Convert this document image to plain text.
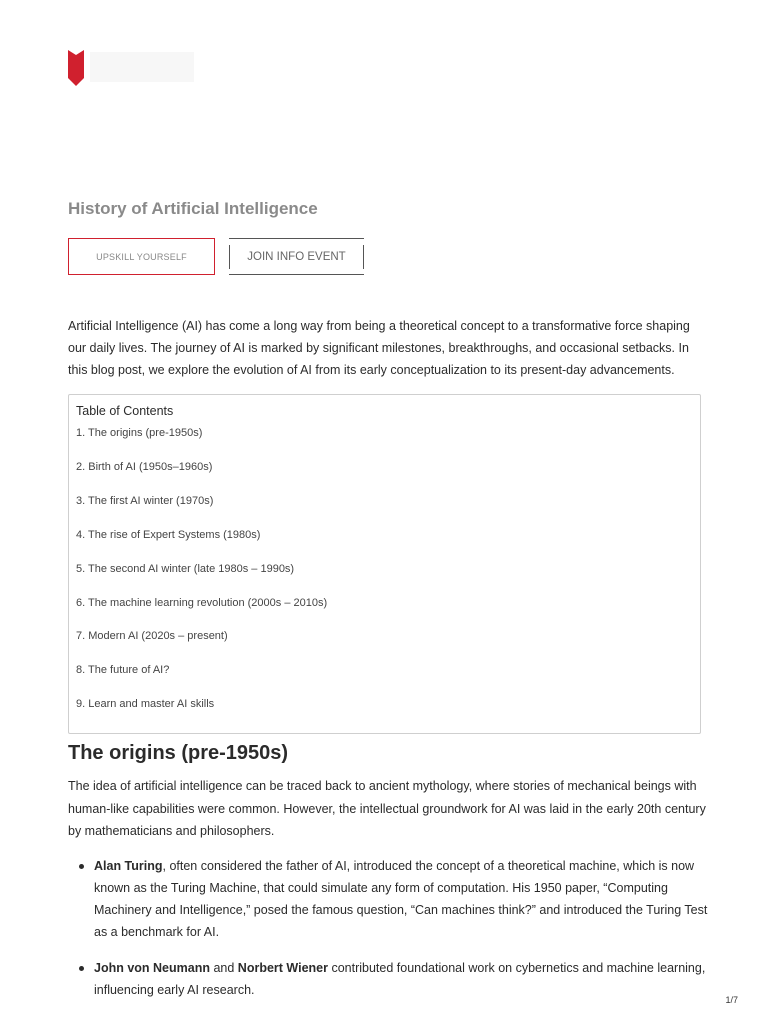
History of Artificial Intelligence
UPSKILL YOURSELF	JOIN INFO EVENT

Artificial Intelligence (AI) has come a long way from being a theoretical concept to a transformative force shaping our daily lives. The journey of AI is marked by significant milestones, breakthroughs, and occasional setbacks. In this blog post, we explore the evolution of AI from its early conceptualization to its present-day advancements.

Table of Contents
1. The origins (pre-1950s)
2. Birth of AI (1950s–1960s)
3. The first AI winter (1970s)
4. The rise of Expert Systems (1980s)
5. The second AI winter (late 1980s – 1990s)
6. The machine learning revolution (2000s – 2010s)
7. Modern AI (2020s – present)
8. The future of AI?
9. Learn and master AI skills
The origins (pre-1950s)

The idea of artificial intelligence can be traced back to ancient mythology, where stories of mechanical beings with human-like capabilities were common. However, the intellectual groundwork for AI was laid in the early 20th century by mathematicians and philosophers.

Alan Turing, often considered the father of AI, introduced the concept of a theoretical machine, which is now known as the Turing Machine, that could simulate any form of computation. His 1950 paper, “Computing Machinery and Intelligence,” posed the famous question, “Can machines think?” and introduced the Turing Test as a benchmark for AI.
John von Neumann and Norbert Wiener contributed foundational work on cybernetics and machine learning, influencing early AI research.
1/7
